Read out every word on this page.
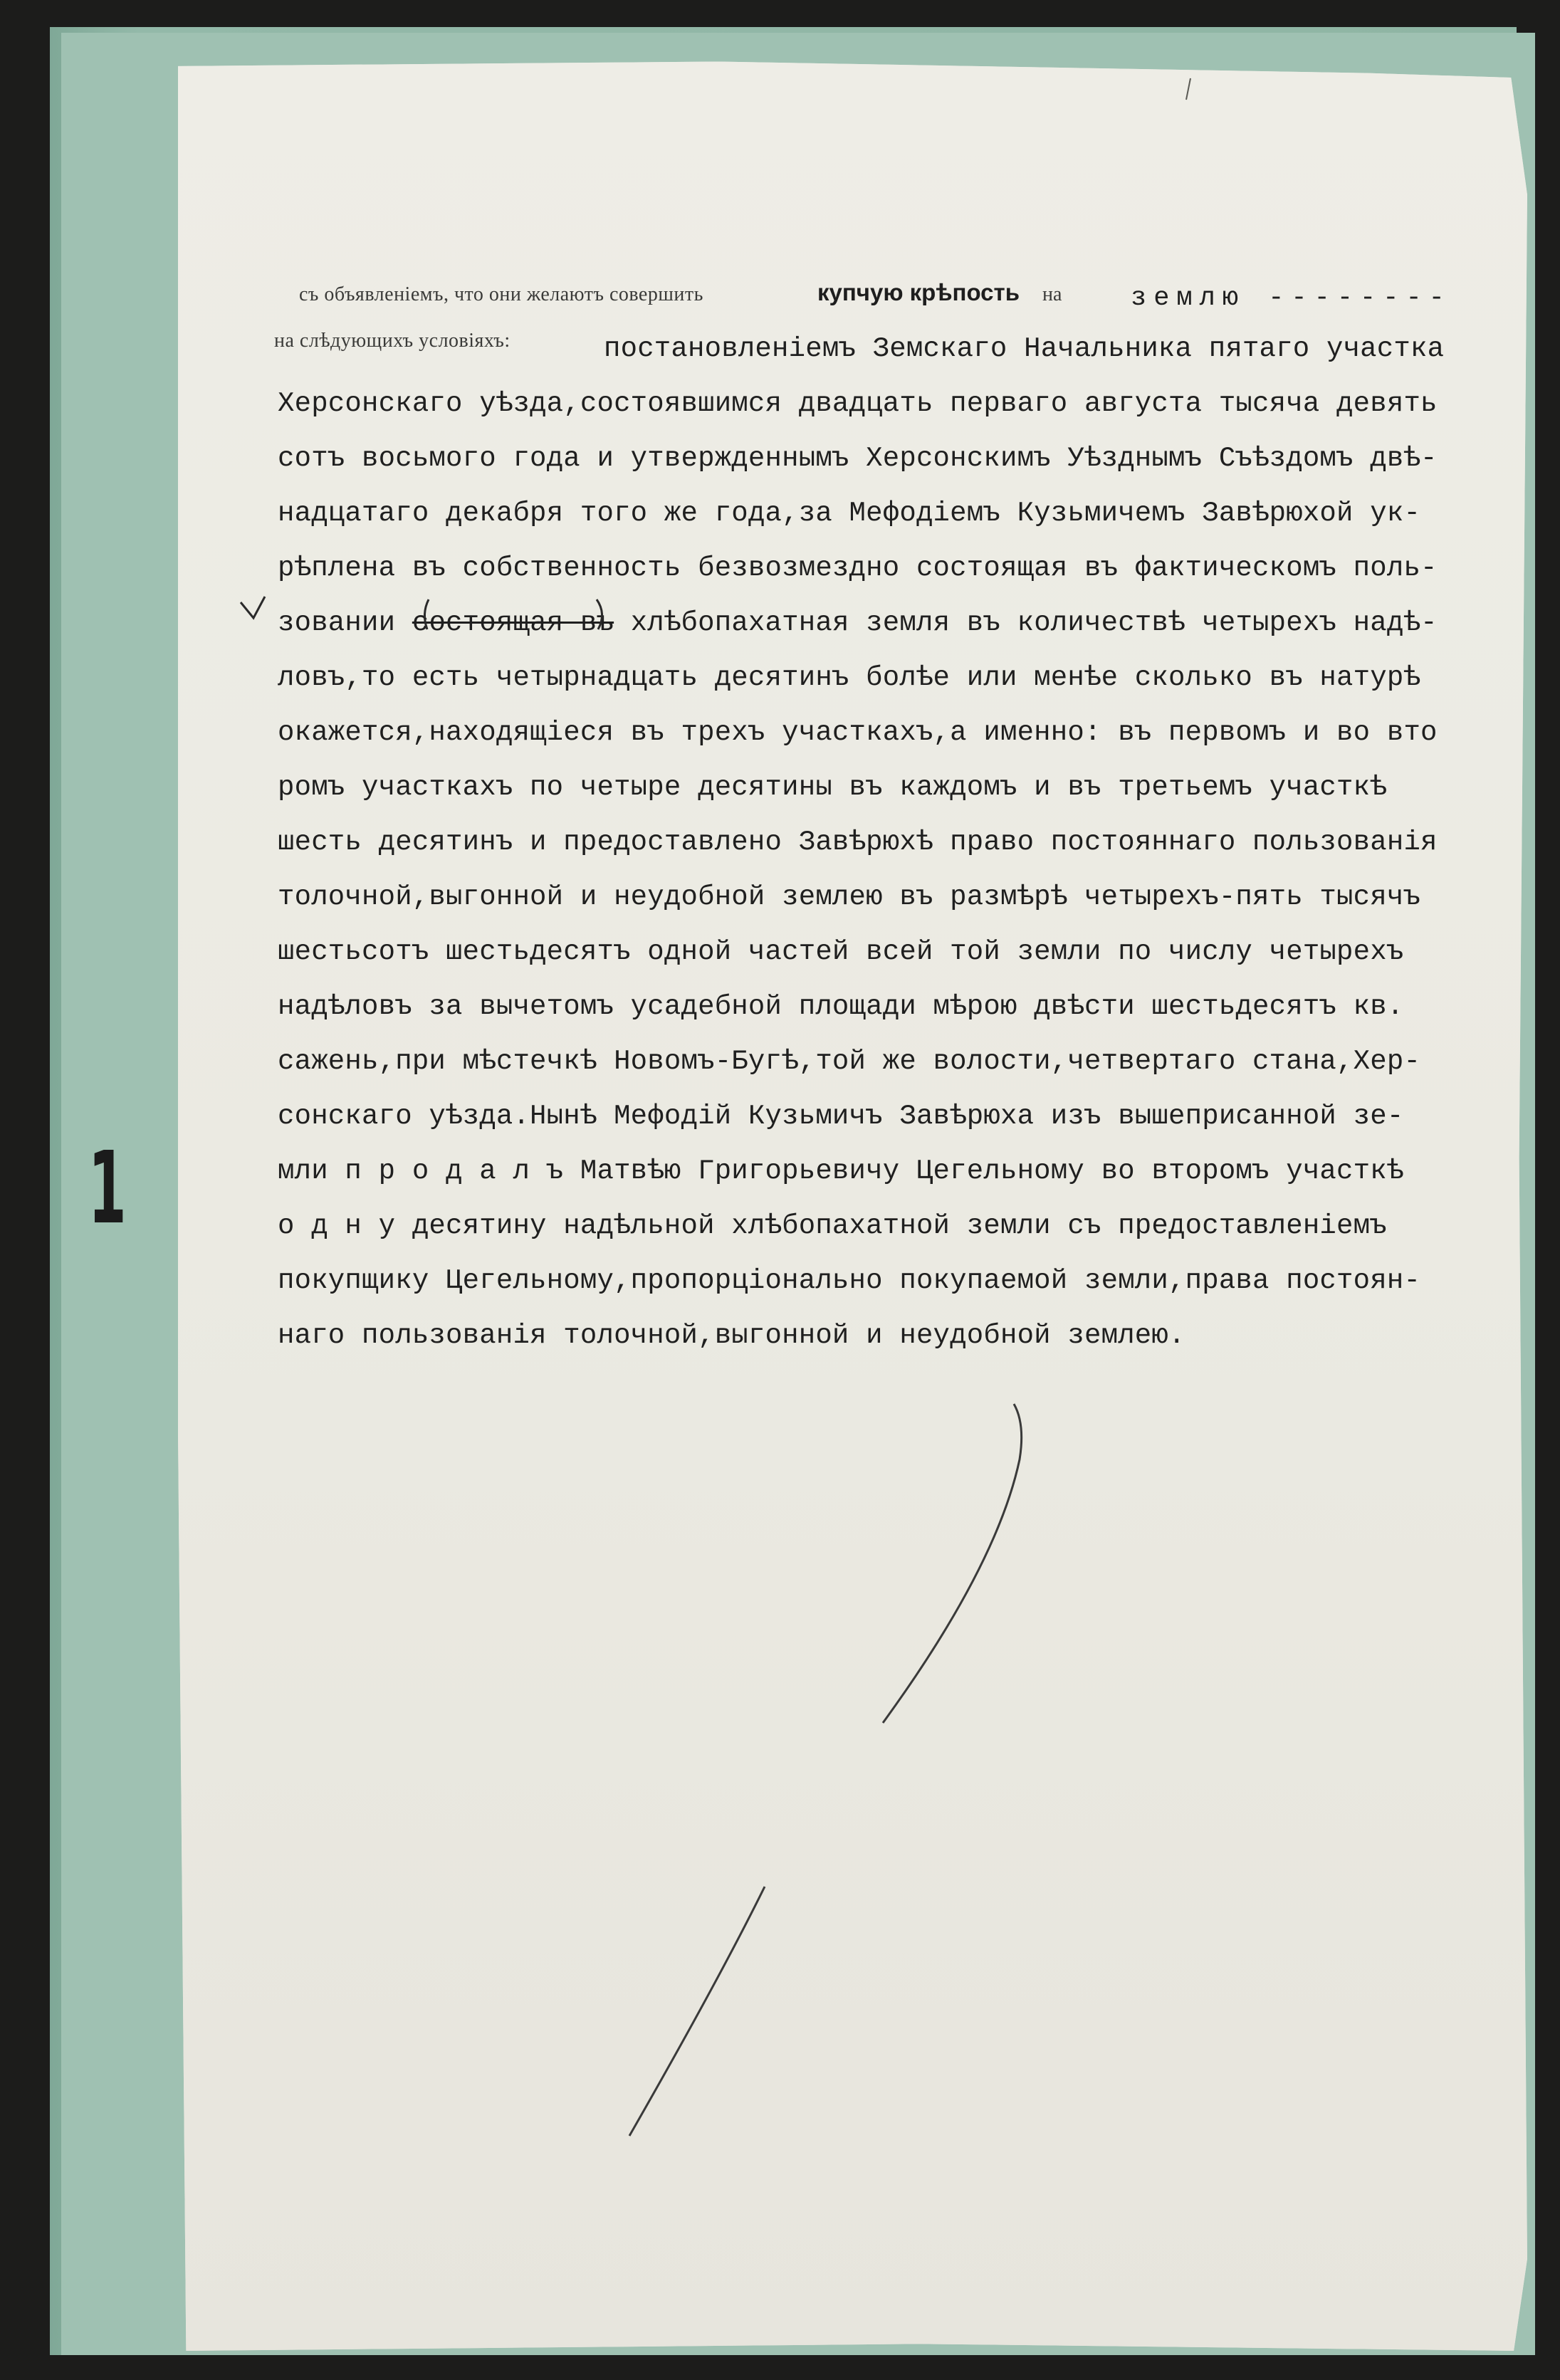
1
съ объявленіемъ, что они желаютъ совершить	купчую крѣпость на	землю --------
на слѣдующихъ условіяхъ:	постановленіемъ Земскаго Начальника пятаго участка
Херсонскаго уѣзда,состоявшимся двадцать перваго августа тысяча девять
сотъ восьмого года и утвержденнымъ Херсонскимъ Уѣзднымъ Съѣздомъ двѣ-
надцатаго декабря того же года,за Мефодіемъ Кузьмичемъ Завѣрюхой ук-
рѣплена въ собственность безвозмездно состоящая въ фактическомъ поль-
зовании состоящая въ хлѣбопахатная земля въ количествѣ четырехъ надѣ-
ловъ,то есть четырнадцать десятинъ болѣе или менѣе сколько въ натурѣ
окажется,находящіеся въ трехъ участкахъ,а именно: въ первомъ и во вто
ромъ участкахъ по четыре десятины въ каждомъ и въ третьемъ участкѣ
шесть десятинъ и предоставлено Завѣрюхѣ право постояннаго пользованія
толочной,выгонной и неудобной землею въ размѣрѣ четырехъ-пять тысячъ
шестьсотъ шестьдесятъ одной частей всей той земли по числу четырехъ
надѣловъ за вычетомъ усадебной площади мѣрою двѣсти шестьдесятъ кв.
сажень,при мѣстечкѣ Новомъ-Бугѣ,той же волости,четвертаго стана,Хер-
сонскаго уѣзда.Нынѣ Мефодій Кузьмичъ Завѣрюха изъ вышеприсанной зе-
мли п р о д а л ъ Матвѣю Григорьевичу Цегельному во второмъ участкѣ
о д н у десятину надѣльной хлѣбопахатной земли съ предоставленіемъ
покупщику Цегельному,пропорціонально покупаемой земли,права постоян-
наго пользованія толочной,выгонной и неудобной землею.
